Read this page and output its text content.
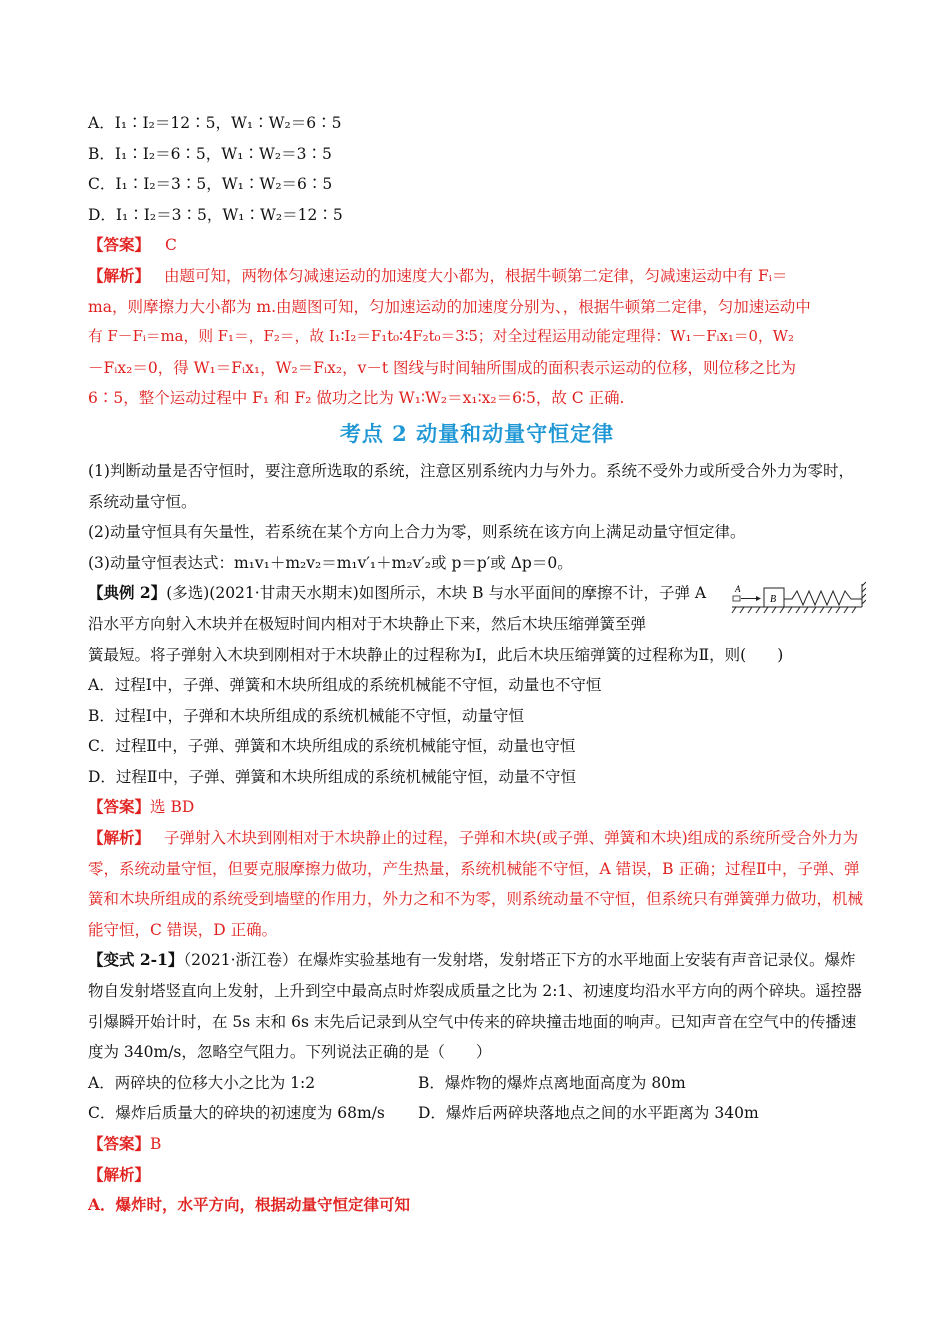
A．I₁∶I₂＝12∶5，W₁∶W₂＝6∶5
B．I₁∶I₂＝6∶5，W₁∶W₂＝3∶5
C．I₁∶I₂＝3∶5，W₁∶W₂＝6∶5
D．I₁∶I₂＝3∶5，W₁∶W₂＝12∶5
【答案】 C
【解析】 由题可知，两物体匀减速运动的加速度大小都为，根据牛顿第二定律，匀减速运动中有 Fᵢ＝
ma，则摩擦力大小都为 m.由题图可知，匀加速运动的加速度分别为、，根据牛顿第二定律，匀加速运动中
有 F－Fᵢ＝ma，则 F₁＝，F₂＝，故 I₁∶I₂＝F₁t₀∶4F₂t₀＝3∶5；对全过程运用动能定理得：W₁－Fᵢx₁＝0，W₂
－Fᵢx₂＝0，得 W₁＝Fᵢx₁，W₂＝Fᵢx₂，v－t 图线与时间轴所围成的面积表示运动的位移，则位移之比为
6∶5，整个运动过程中 F₁ 和 F₂ 做功之比为 W₁∶W₂＝x₁∶x₂＝6∶5，故 C 正确.
考点 2 动量和动量守恒定律
(1)判断动量是否守恒时，要注意所选取的系统，注意区别系统内力与外力。系统不受外力或所受合外力为零时，系统动量守恒。
(2)动量守恒具有矢量性，若系统在某个方向上合力为零，则系统在该方向上满足动量守恒定律。
(3)动量守恒表达式：m₁v₁＋m₂v₂＝m₁v′₁＋m₂v′₂或 p＝p′或 Δp＝0。
B
A
【典例 2】(多选)(2021·甘肃天水期末)如图所示，木块 B 与水平面间的摩擦不计，子弹 A 沿水平方向射入木块并在极短时间内相对于木块静止下来，然后木块压缩弹簧至弹
簧最短。将子弹射入木块到刚相对于木块静止的过程称为Ⅰ，此后木块压缩弹簧的过程称为Ⅱ，则(　　)
A．过程Ⅰ中，子弹、弹簧和木块所组成的系统机械能不守恒，动量也不守恒
B．过程Ⅰ中，子弹和木块所组成的系统机械能不守恒，动量守恒
C．过程Ⅱ中，子弹、弹簧和木块所组成的系统机械能守恒，动量也守恒
D．过程Ⅱ中，子弹、弹簧和木块所组成的系统机械能守恒，动量不守恒
【答案】选 BD
【解析】 子弹射入木块到刚相对于木块静止的过程，子弹和木块(或子弹、弹簧和木块)组成的系统所受合外力为零，系统动量守恒，但要克服摩擦力做功，产生热量，系统机械能不守恒，A 错误，B 正确；过程Ⅱ中，子弹、弹簧和木块所组成的系统受到墙壁的作用力，外力之和不为零，则系统动量不守恒，但系统只有弹簧弹力做功，机械能守恒，C 错误，D 正确。
【变式 2-1】（2021·浙江卷）在爆炸实验基地有一发射塔，发射塔正下方的水平地面上安装有声音记录仪。爆炸物自发射塔竖直向上发射，上升到空中最高点时炸裂成质量之比为 2:1、初速度均沿水平方向的两个碎块。遥控器引爆瞬开始计时，在 5s 末和 6s 末先后记录到从空气中传来的碎块撞击地面的响声。已知声音在空气中的传播速度为 340m/s，忽略空气阻力。下列说法正确的是（　　）
A．两碎块的位移大小之比为 1:2	B．爆炸物的爆炸点离地面高度为 80m
C．爆炸后质量大的碎块的初速度为 68m/s	D．爆炸后两碎块落地点之间的水平距离为 340m
【答案】B
【解析】
A．爆炸时，水平方向，根据动量守恒定律可知
